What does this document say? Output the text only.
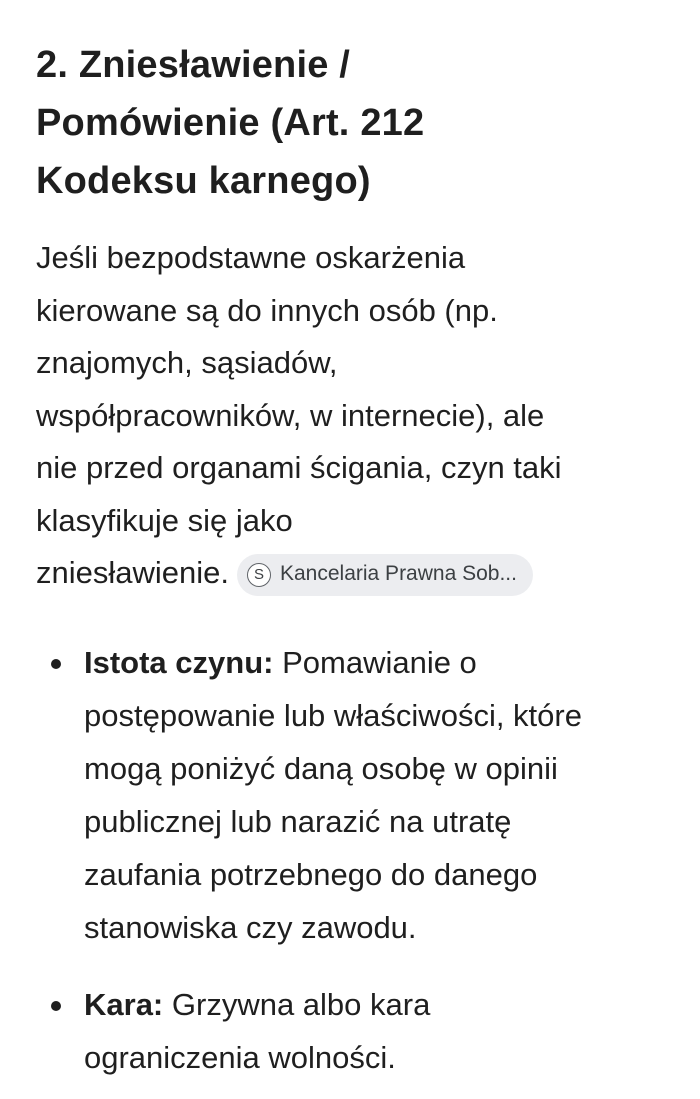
2. Zniesławienie /
Pomówienie (Art. 212
Kodeksu karnego)

Jeśli bezpodstawne oskarżenia
kierowane są do innych osób (np.
znajomych, sąsiadów,
współpracowników, w internecie), ale
nie przed organami ścigania, czyn taki
klasyfikuje się jako
zniesławienie.	S Kancelaria Prawna Sob...

Istota czynu: Pomawianie o
postępowanie lub właściwości, które
mogą poniżyć daną osobę w opinii
publicznej lub narazić na utratę
zaufania potrzebnego do danego
stanowiska czy zawodu.
Kara: Grzywna albo kara
ograniczenia wolności.
